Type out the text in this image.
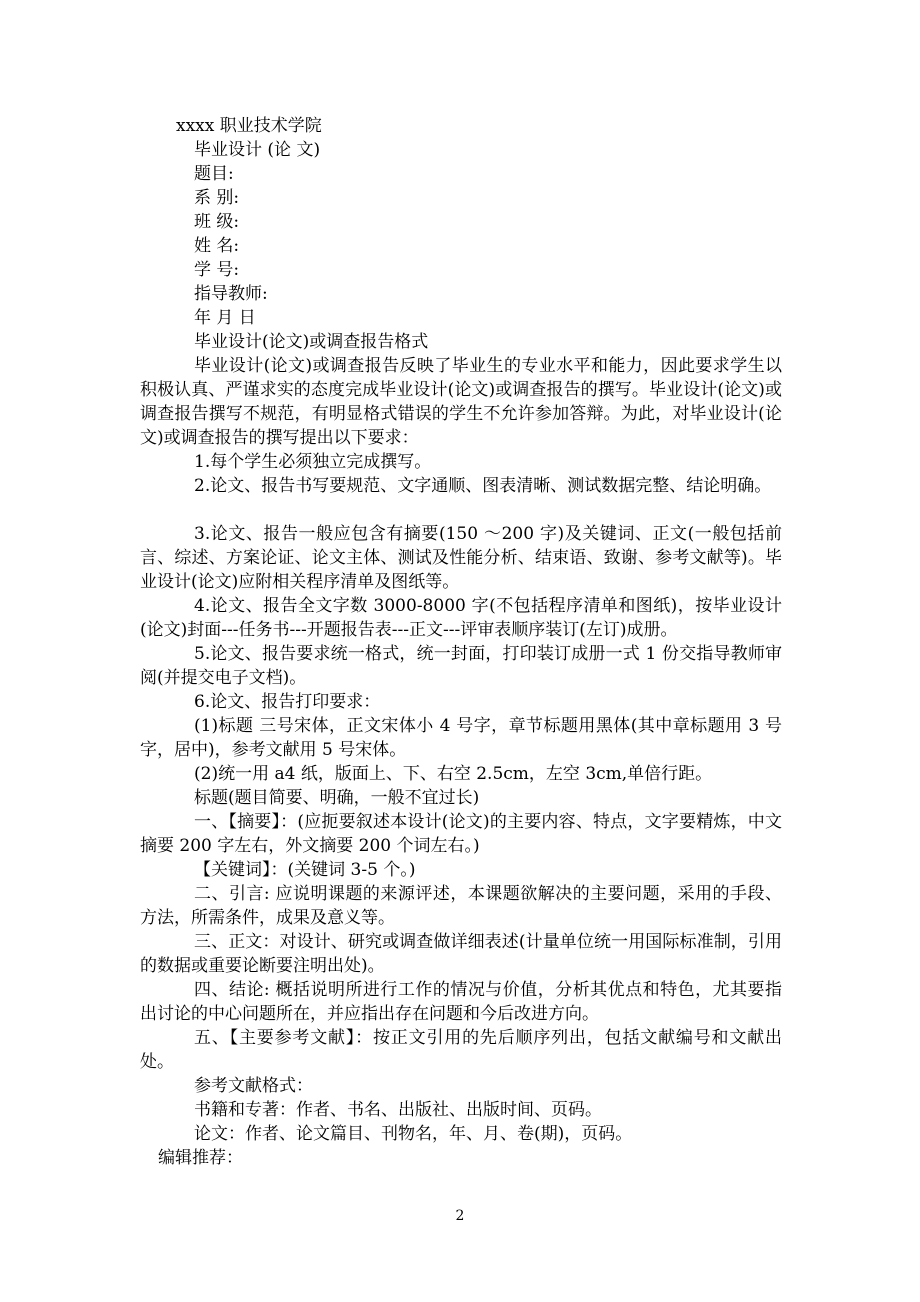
xxxx 职业技术学院
毕业设计 (论 文)
题目:
系 别:
班 级:
姓 名:
学 号:
指导教师:
年 月 日
毕业设计(论文)或调查报告格式
毕业设计(论文)或调查报告反映了毕业生的专业水平和能力，因此要求学生以积极认真、严谨求实的态度完成毕业设计(论文)或调查报告的撰写。毕业设计(论文)或调查报告撰写不规范，有明显格式错误的学生不允许参加答辩。为此，对毕业设计(论文)或调查报告的撰写提出以下要求：
1.每个学生必须独立完成撰写。
2.论文、报告书写要规范、文字通顺、图表清晰、测试数据完整、结论明确。
3.论文、报告一般应包含有摘要(150 ～200 字)及关键词、正文(一般包括前言、综述、方案论证、论文主体、测试及性能分析、结束语、致谢、参考文献等)。毕业设计(论文)应附相关程序清单及图纸等。
4.论文、报告全文字数 3000-8000 字(不包括程序清单和图纸)，按毕业设计(论文)封面---任务书---开题报告表---正文---评审表顺序装订(左订)成册。
5.论文、报告要求统一格式，统一封面，打印装订成册一式 1 份交指导教师审阅(并提交电子文档)。
6.论文、报告打印要求：
(1)标题 三号宋体，正文宋体小 4 号字，章节标题用黑体(其中章标题用 3 号字，居中)，参考文献用 5 号宋体。
(2)统一用 a4 纸，版面上、下、右空 2.5cm，左空 3cm,单倍行距。
标题(题目简要、明确，一般不宜过长)
一、【摘要】：(应扼要叙述本设计(论文)的主要内容、特点，文字要精炼，中文摘要 200 字左右，外文摘要 200 个词左右。)
【关键词】：(关键词 3-5 个。)
二、引言: 应说明课题的来源评述，本课题欲解决的主要问题，采用的手段、方法，所需条件，成果及意义等。
三、正文：对设计、研究或调查做详细表述(计量单位统一用国际标准制，引用的数据或重要论断要注明出处)。
四、结论: 概括说明所进行工作的情况与价值，分析其优点和特色，尤其要指出讨论的中心问题所在，并应指出存在问题和今后改进方向。
五、【主要参考文献】：按正文引用的先后顺序列出，包括文献编号和文献出处。
参考文献格式：
书籍和专著：作者、书名、出版社、出版时间、页码。
论文：作者、论文篇目、刊物名，年、月、卷(期)，页码。
编辑推荐：
2
